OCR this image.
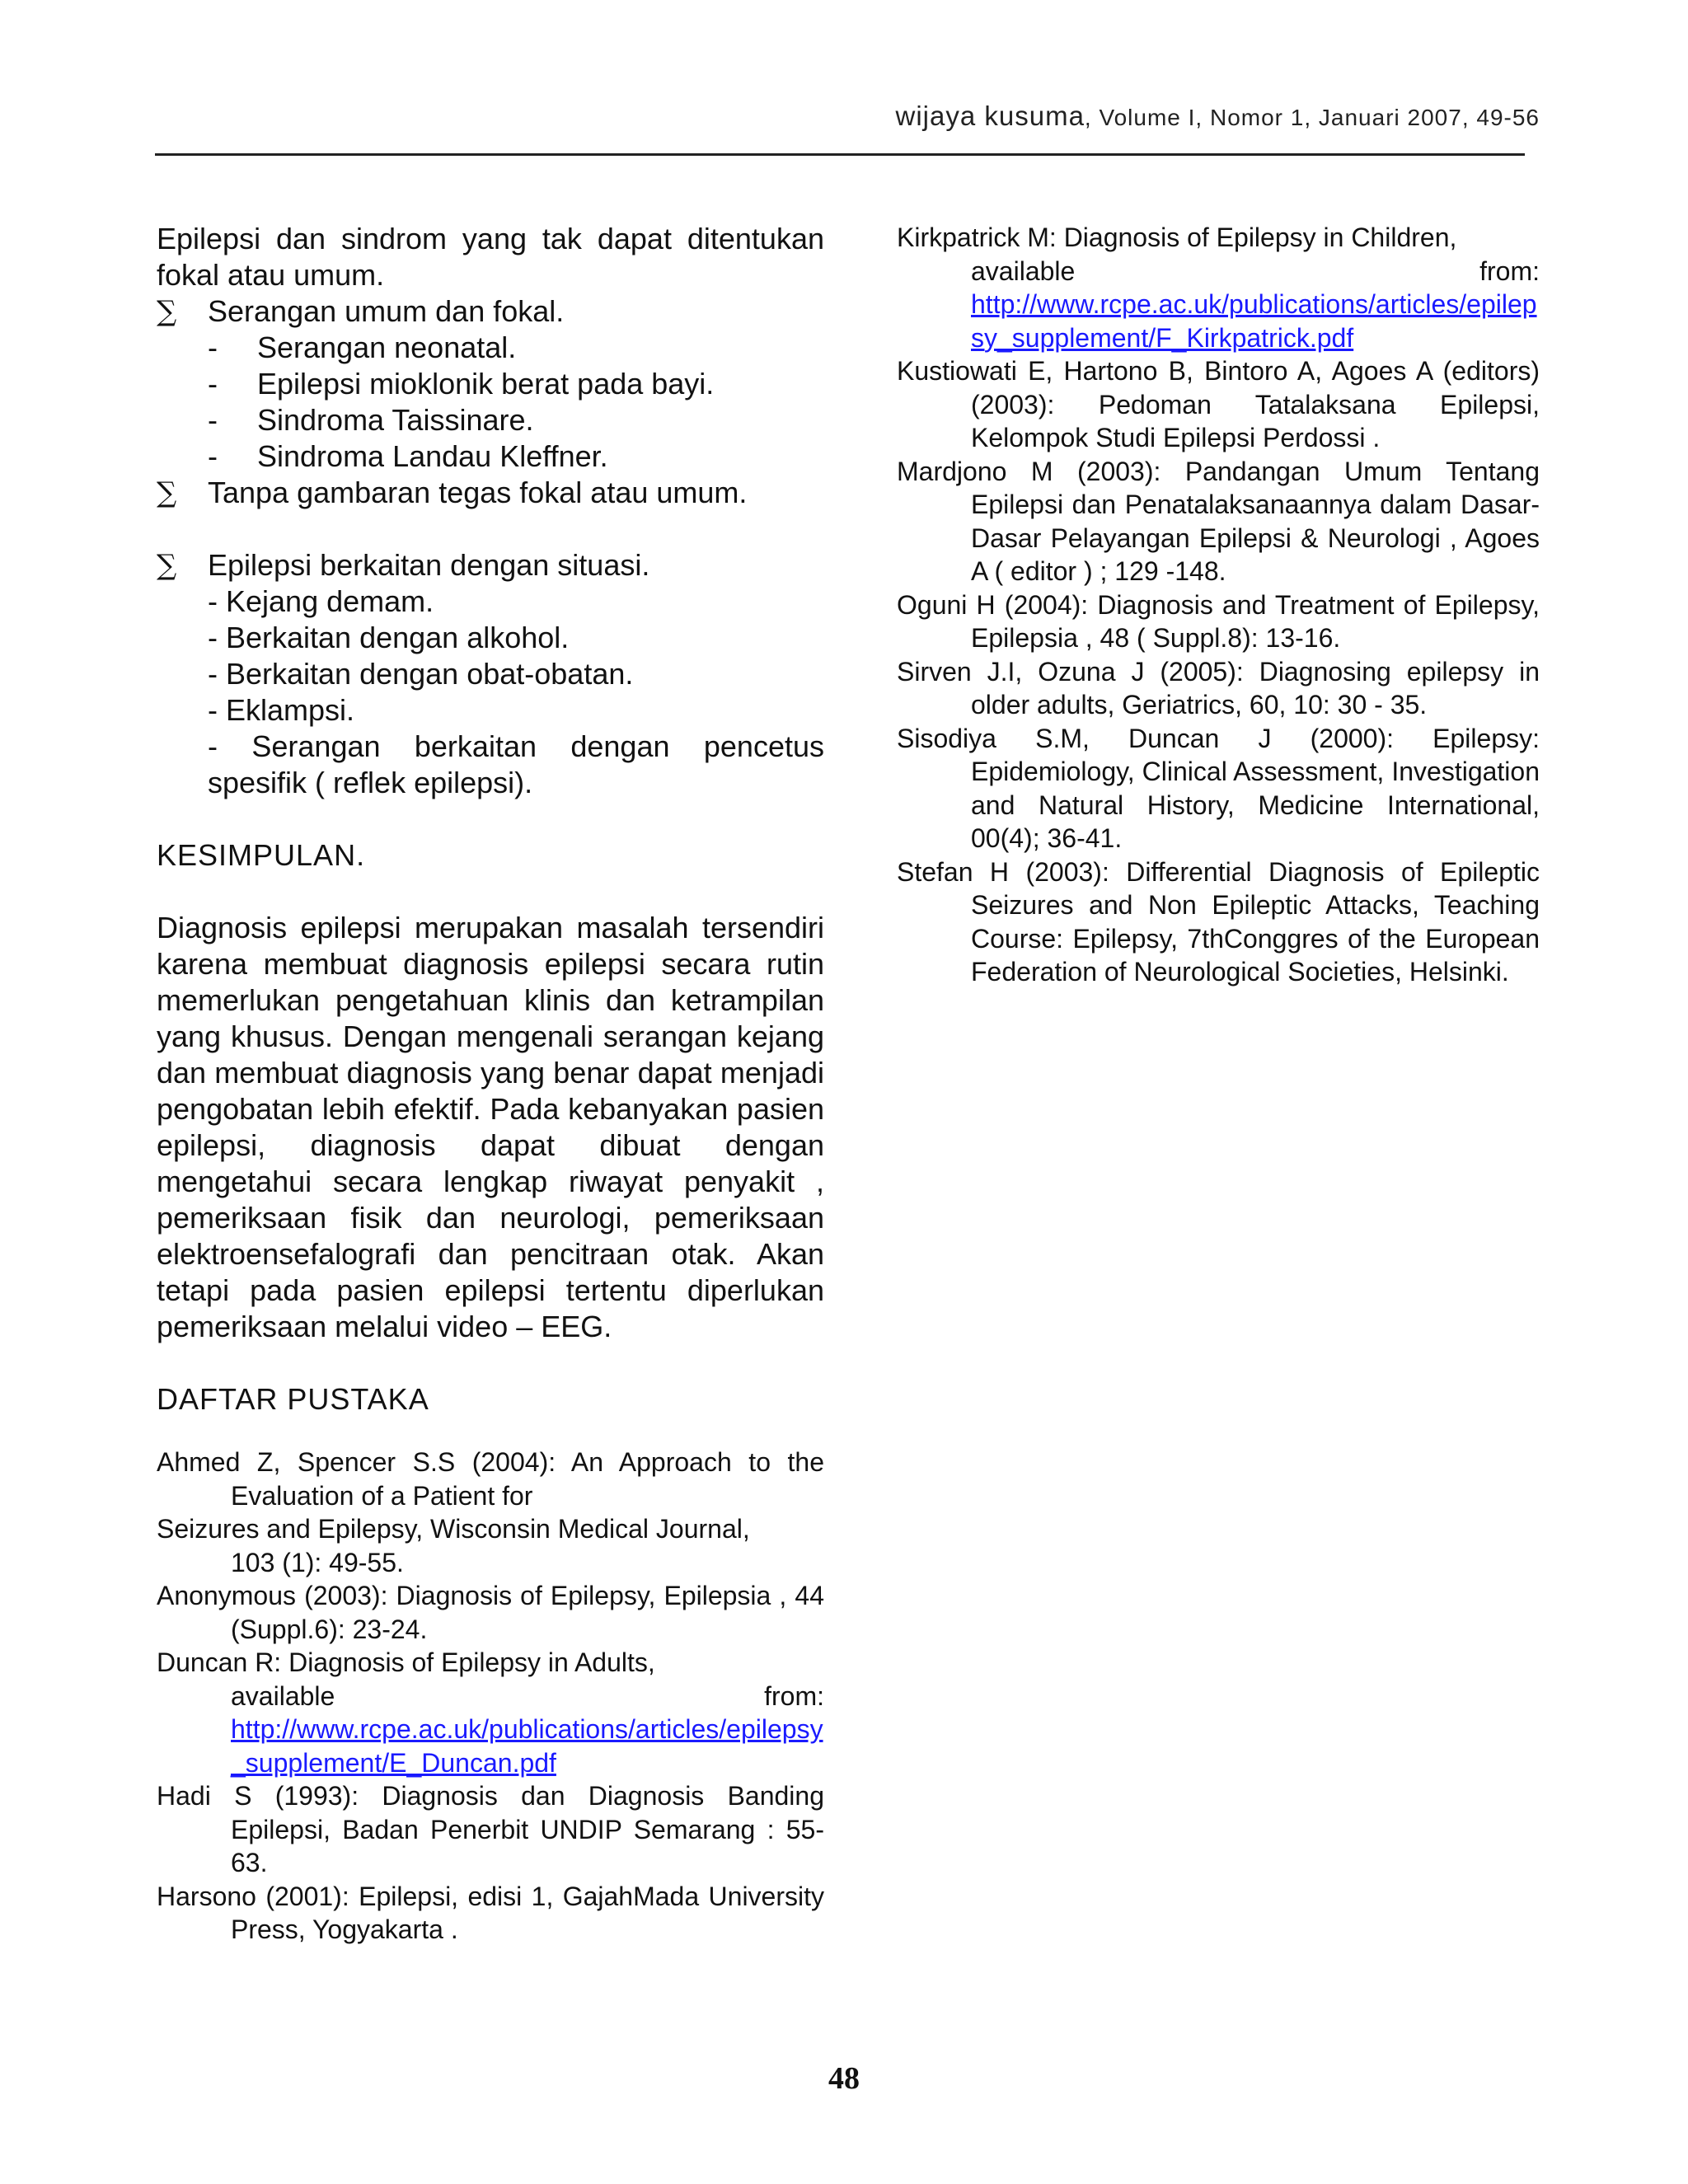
wijaya kusuma, Volume I, Nomor 1, Januari 2007, 49-56

Epilepsi dan sindrom yang tak dapat ditentukan fokal atau umum.

∑ Serangan umum dan fokal.
- Serangan neonatal.
- Epilepsi mioklonik berat pada bayi.
- Sindroma Taissinare.
- Sindroma Landau Kleffner.
∑ Tanpa gambaran tegas fokal atau umum.
∑ Epilepsi berkaitan dengan situasi.
- Kejang demam.
- Berkaitan dengan alkohol.
- Berkaitan dengan obat-obatan.
- Eklampsi.
- Serangan berkaitan dengan pencetus spesifik ( reflek epilepsi).

KESIMPULAN.

Diagnosis epilepsi merupakan masalah tersendiri karena membuat diagnosis epilepsi secara rutin memerlukan pengetahuan klinis dan ketrampilan yang khusus. Dengan mengenali serangan kejang dan membuat diagnosis yang benar dapat menjadi pengobatan lebih efektif. Pada kebanyakan pasien epilepsi, diagnosis dapat dibuat dengan mengetahui secara lengkap riwayat penyakit , pemeriksaan fisik dan neurologi, pemeriksaan elektroensefalografi dan pencitraan otak. Akan tetapi pada pasien epilepsi tertentu diperlukan pemeriksaan melalui video – EEG.

DAFTAR PUSTAKA

Ahmed Z, Spencer S.S (2004): An Approach to the Evaluation of a Patient for

Seizures and Epilepsy, Wisconsin Medical Journal,

103 (1): 49-55.

Anonymous (2003): Diagnosis of Epilepsy, Epilepsia , 44 (Suppl.6): 23-24.

Duncan R: Diagnosis of Epilepsy in Adults,
available	from:
http://www.rcpe.ac.uk/publications/articles/epilepsy_supplement/E_Duncan.pdf

Hadi S (1993): Diagnosis dan Diagnosis Banding Epilepsi, Badan Penerbit UNDIP Semarang : 55-63.

Harsono (2001): Epilepsi, edisi 1, GajahMada University Press, Yogyakarta .

Kirkpatrick M: Diagnosis of Epilepsy in Children,
available	from:
http://www.rcpe.ac.uk/publications/articles/epilepsy_supplement/F_Kirkpatrick.pdf

Kustiowati E, Hartono B, Bintoro A, Agoes A (editors) (2003): Pedoman Tatalaksana Epilepsi, Kelompok Studi Epilepsi Perdossi .

Mardjono M (2003): Pandangan Umum Tentang Epilepsi dan Penatalaksanaannya dalam Dasar-Dasar Pelayangan Epilepsi & Neurologi , Agoes A ( editor ) ; 129 -148.

Oguni H (2004): Diagnosis and Treatment of Epilepsy, Epilepsia , 48 ( Suppl.8): 13-16.

Sirven J.I, Ozuna J (2005): Diagnosing epilepsy in older adults, Geriatrics, 60, 10: 30 - 35.

Sisodiya S.M, Duncan J (2000): Epilepsy: Epidemiology, Clinical Assessment, Investigation and Natural History, Medicine International, 00(4); 36-41.

Stefan H (2003): Differential Diagnosis of Epileptic Seizures and Non Epileptic Attacks, Teaching Course: Epilepsy, 7thConggres of the European Federation of Neurological Societies, Helsinki.

48
